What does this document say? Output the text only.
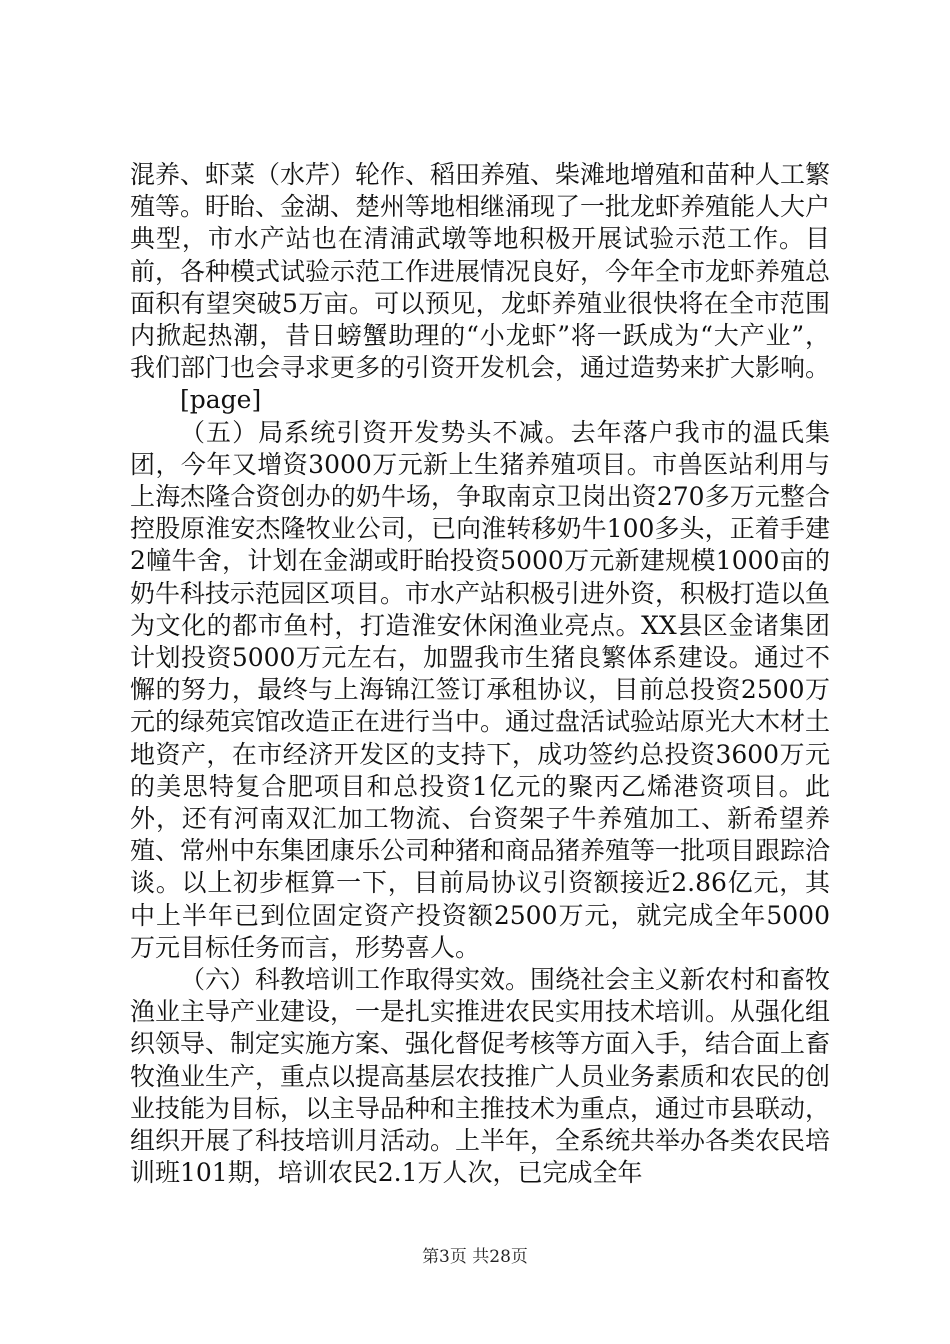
混养、虾菜（水芹）轮作、稻田养殖、柴滩地增殖和苗种人工繁殖等。盱眙、金湖、楚州等地相继涌现了一批龙虾养殖能人大户典型，市水产站也在清浦武墩等地积极开展试验示范工作。目前，各种模式试验示范工作进展情况良好，今年全市龙虾养殖总面积有望突破5万亩。可以预见，龙虾养殖业很快将在全市范围内掀起热潮，昔日螃蟹助理的“小龙虾”将一跃成为“大产业”，我们部门也会寻求更多的引资开发机会，通过造势来扩大影响。

[page]

（五）局系统引资开发势头不减。去年落户我市的温氏集团，今年又增资3000万元新上生猪养殖项目。市兽医站利用与上海杰隆合资创办的奶牛场，争取南京卫岗出资270多万元整合控股原淮安杰隆牧业公司，已向淮转移奶牛100多头，正着手建2幢牛舍，计划在金湖或盱眙投资5000万元新建规模1000亩的奶牛科技示范园区项目。市水产站积极引进外资，积极打造以鱼为文化的都市鱼村，打造淮安休闲渔业亮点。XX县区金诸集团计划投资5000万元左右，加盟我市生猪良繁体系建设。通过不懈的努力，最终与上海锦江签订承租协议，目前总投资2500万元的绿苑宾馆改造正在进行当中。通过盘活试验站原光大木材土地资产，在市经济开发区的支持下，成功签约总投资3600万元的美思特复合肥项目和总投资1亿元的聚丙乙烯港资项目。此外，还有河南双汇加工物流、台资架子牛养殖加工、新希望养殖、常州中东集团康乐公司种猪和商品猪养殖等一批项目跟踪洽谈。以上初步框算一下，目前局协议引资额接近2.86亿元，其中上半年已到位固定资产投资额2500万元，就完成全年5000万元目标任务而言，形势喜人。

（六）科教培训工作取得实效。围绕社会主义新农村和畜牧渔业主导产业建设，一是扎实推进农民实用技术培训。从强化组织领导、制定实施方案、强化督促考核等方面入手，结合面上畜牧渔业生产，重点以提高基层农技推广人员业务素质和农民的创业技能为目标，以主导品种和主推技术为重点，通过市县联动，组织开展了科技培训月活动。上半年，全系统共举办各类农民培训班101期，培训农民2.1万人次，已完成全年

第3页 共28页
